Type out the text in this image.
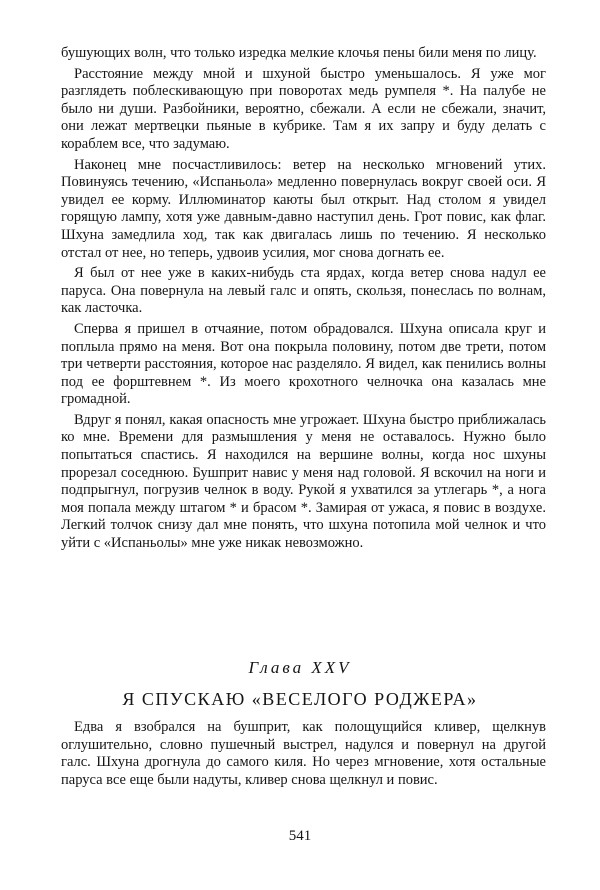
бушующих волн, что только изредка мелкие клочья пены били меня по лицу.

Расстояние между мной и шхуной быстро уменьшалось. Я уже мог разглядеть поблескивающую при поворотах медь румпеля *. На палубе не было ни души. Разбойники, вероятно, сбежали. А если не сбежали, значит, они лежат мертвецки пьяные в кубрике. Там я их запру и буду делать с кораблем все, что задумаю.

Наконец мне посчастливилось: ветер на несколько мгновений утих. Повинуясь течению, «Испаньола» медленно повернулась вокруг своей оси. Я увидел ее корму. Иллюминатор каюты был открыт. Над столом я увидел горящую лампу, хотя уже давным-давно наступил день. Грот повис, как флаг. Шхуна замедлила ход, так как двигалась лишь по течению. Я несколько отстал от нее, но теперь, удвоив усилия, мог снова догнать ее.

Я был от нее уже в каких-нибудь ста ярдах, когда ветер снова надул ее паруса. Она повернула на левый галс и опять, скользя, понеслась по волнам, как ласточка.

Сперва я пришел в отчаяние, потом обрадовался. Шхуна описала круг и поплыла прямо на меня. Вот она покрыла половину, потом две трети, потом три четверти расстояния, которое нас разделяло. Я видел, как пенились волны под ее форштевнем *. Из моего крохотного челночка она казалась мне громадной.

Вдруг я понял, какая опасность мне угрожает. Шхуна быстро приближалась ко мне. Времени для размышления у меня не оставалось. Нужно было попытаться спастись. Я находился на вершине волны, когда нос шхуны прорезал соседнюю. Бушприт навис у меня над головой. Я вскочил на ноги и подпрыгнул, погрузив челнок в воду. Рукой я ухватился за утлегарь *, а нога моя попала между штагом * и брасом *. Замирая от ужаса, я повис в воздухе. Легкий толчок снизу дал мне понять, что шхуна потопила мой челнок и что уйти с «Испаньолы» мне уже никак невозможно.

Глава XXV
Я СПУСКАЮ «ВЕСЕЛОГО РОДЖЕРА»

Едва я взобрался на бушприт, как полощущийся кливер, щелкнув оглушительно, словно пушечный выстрел, надулся и повернул на другой галс. Шхуна дрогнула до самого киля. Но через мгновение, хотя остальные паруса все еще были надуты, кливер снова щелкнул и повис.

541
